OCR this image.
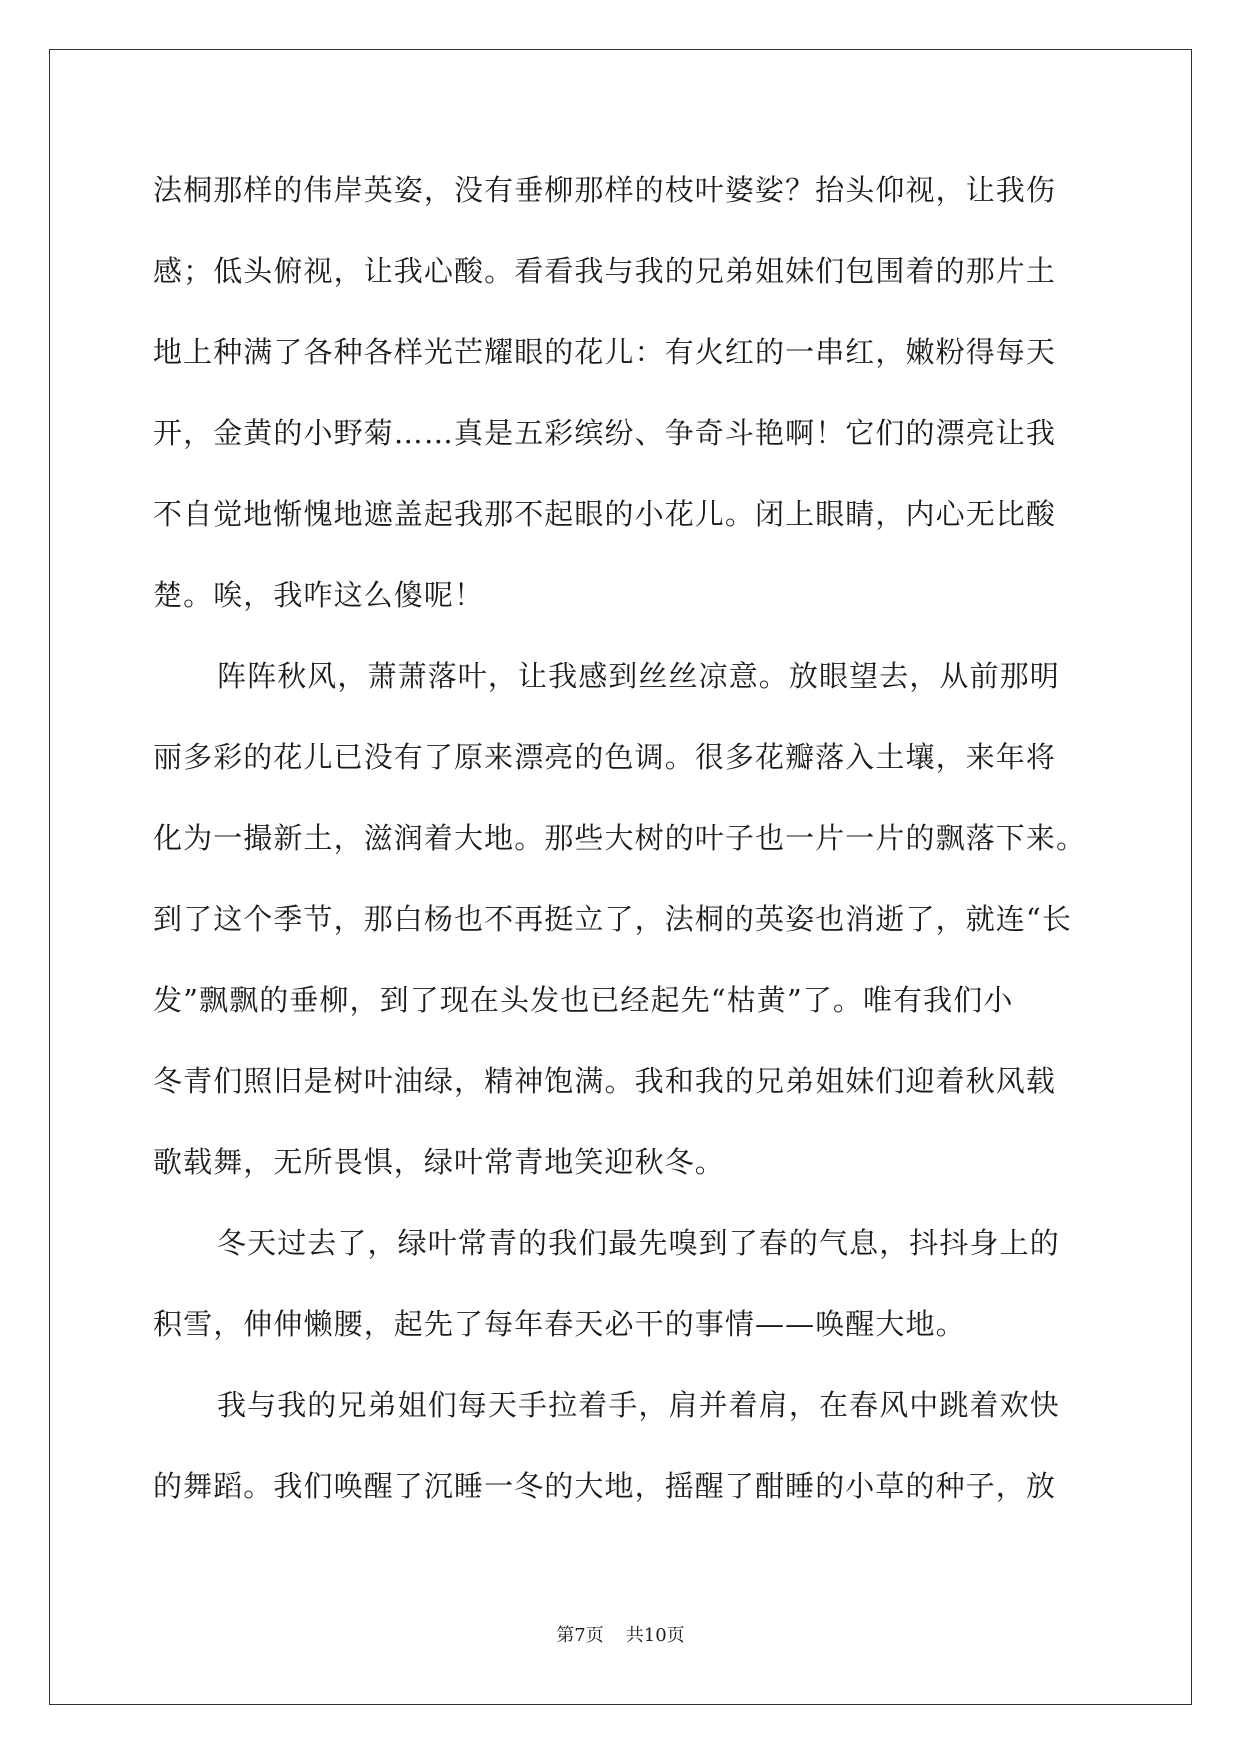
法桐那样的伟岸英姿，没有垂柳那样的枝叶婆娑？抬头仰视，让我伤
感；低头俯视，让我心酸。看看我与我的兄弟姐妹们包围着的那片土
地上种满了各种各样光芒耀眼的花儿：有火红的一串红，嫩粉得每天
开，金黄的小野菊……真是五彩缤纷、争奇斗艳啊！它们的漂亮让我
不自觉地惭愧地遮盖起我那不起眼的小花儿。闭上眼睛，内心无比酸
楚。唉，我咋这么傻呢！
阵阵秋风，萧萧落叶，让我感到丝丝凉意。放眼望去，从前那明
丽多彩的花儿已没有了原来漂亮的色调。很多花瓣落入土壤，来年将
化为一撮新土，滋润着大地。那些大树的叶子也一片一片的飘落下来。
到了这个季节，那白杨也不再挺立了，法桐的英姿也消逝了，就连“长
发”飘飘的垂柳，到了现在头发也已经起先“枯黄”了。唯有我们小
冬青们照旧是树叶油绿，精神饱满。我和我的兄弟姐妹们迎着秋风载
歌载舞，无所畏惧，绿叶常青地笑迎秋冬。
冬天过去了，绿叶常青的我们最先嗅到了春的气息，抖抖身上的
积雪，伸伸懒腰，起先了每年春天必干的事情——唤醒大地。
我与我的兄弟姐们每天手拉着手，肩并着肩，在春风中跳着欢快
的舞蹈。我们唤醒了沉睡一冬的大地，摇醒了酣睡的小草的种子，放
第7页 共10页
